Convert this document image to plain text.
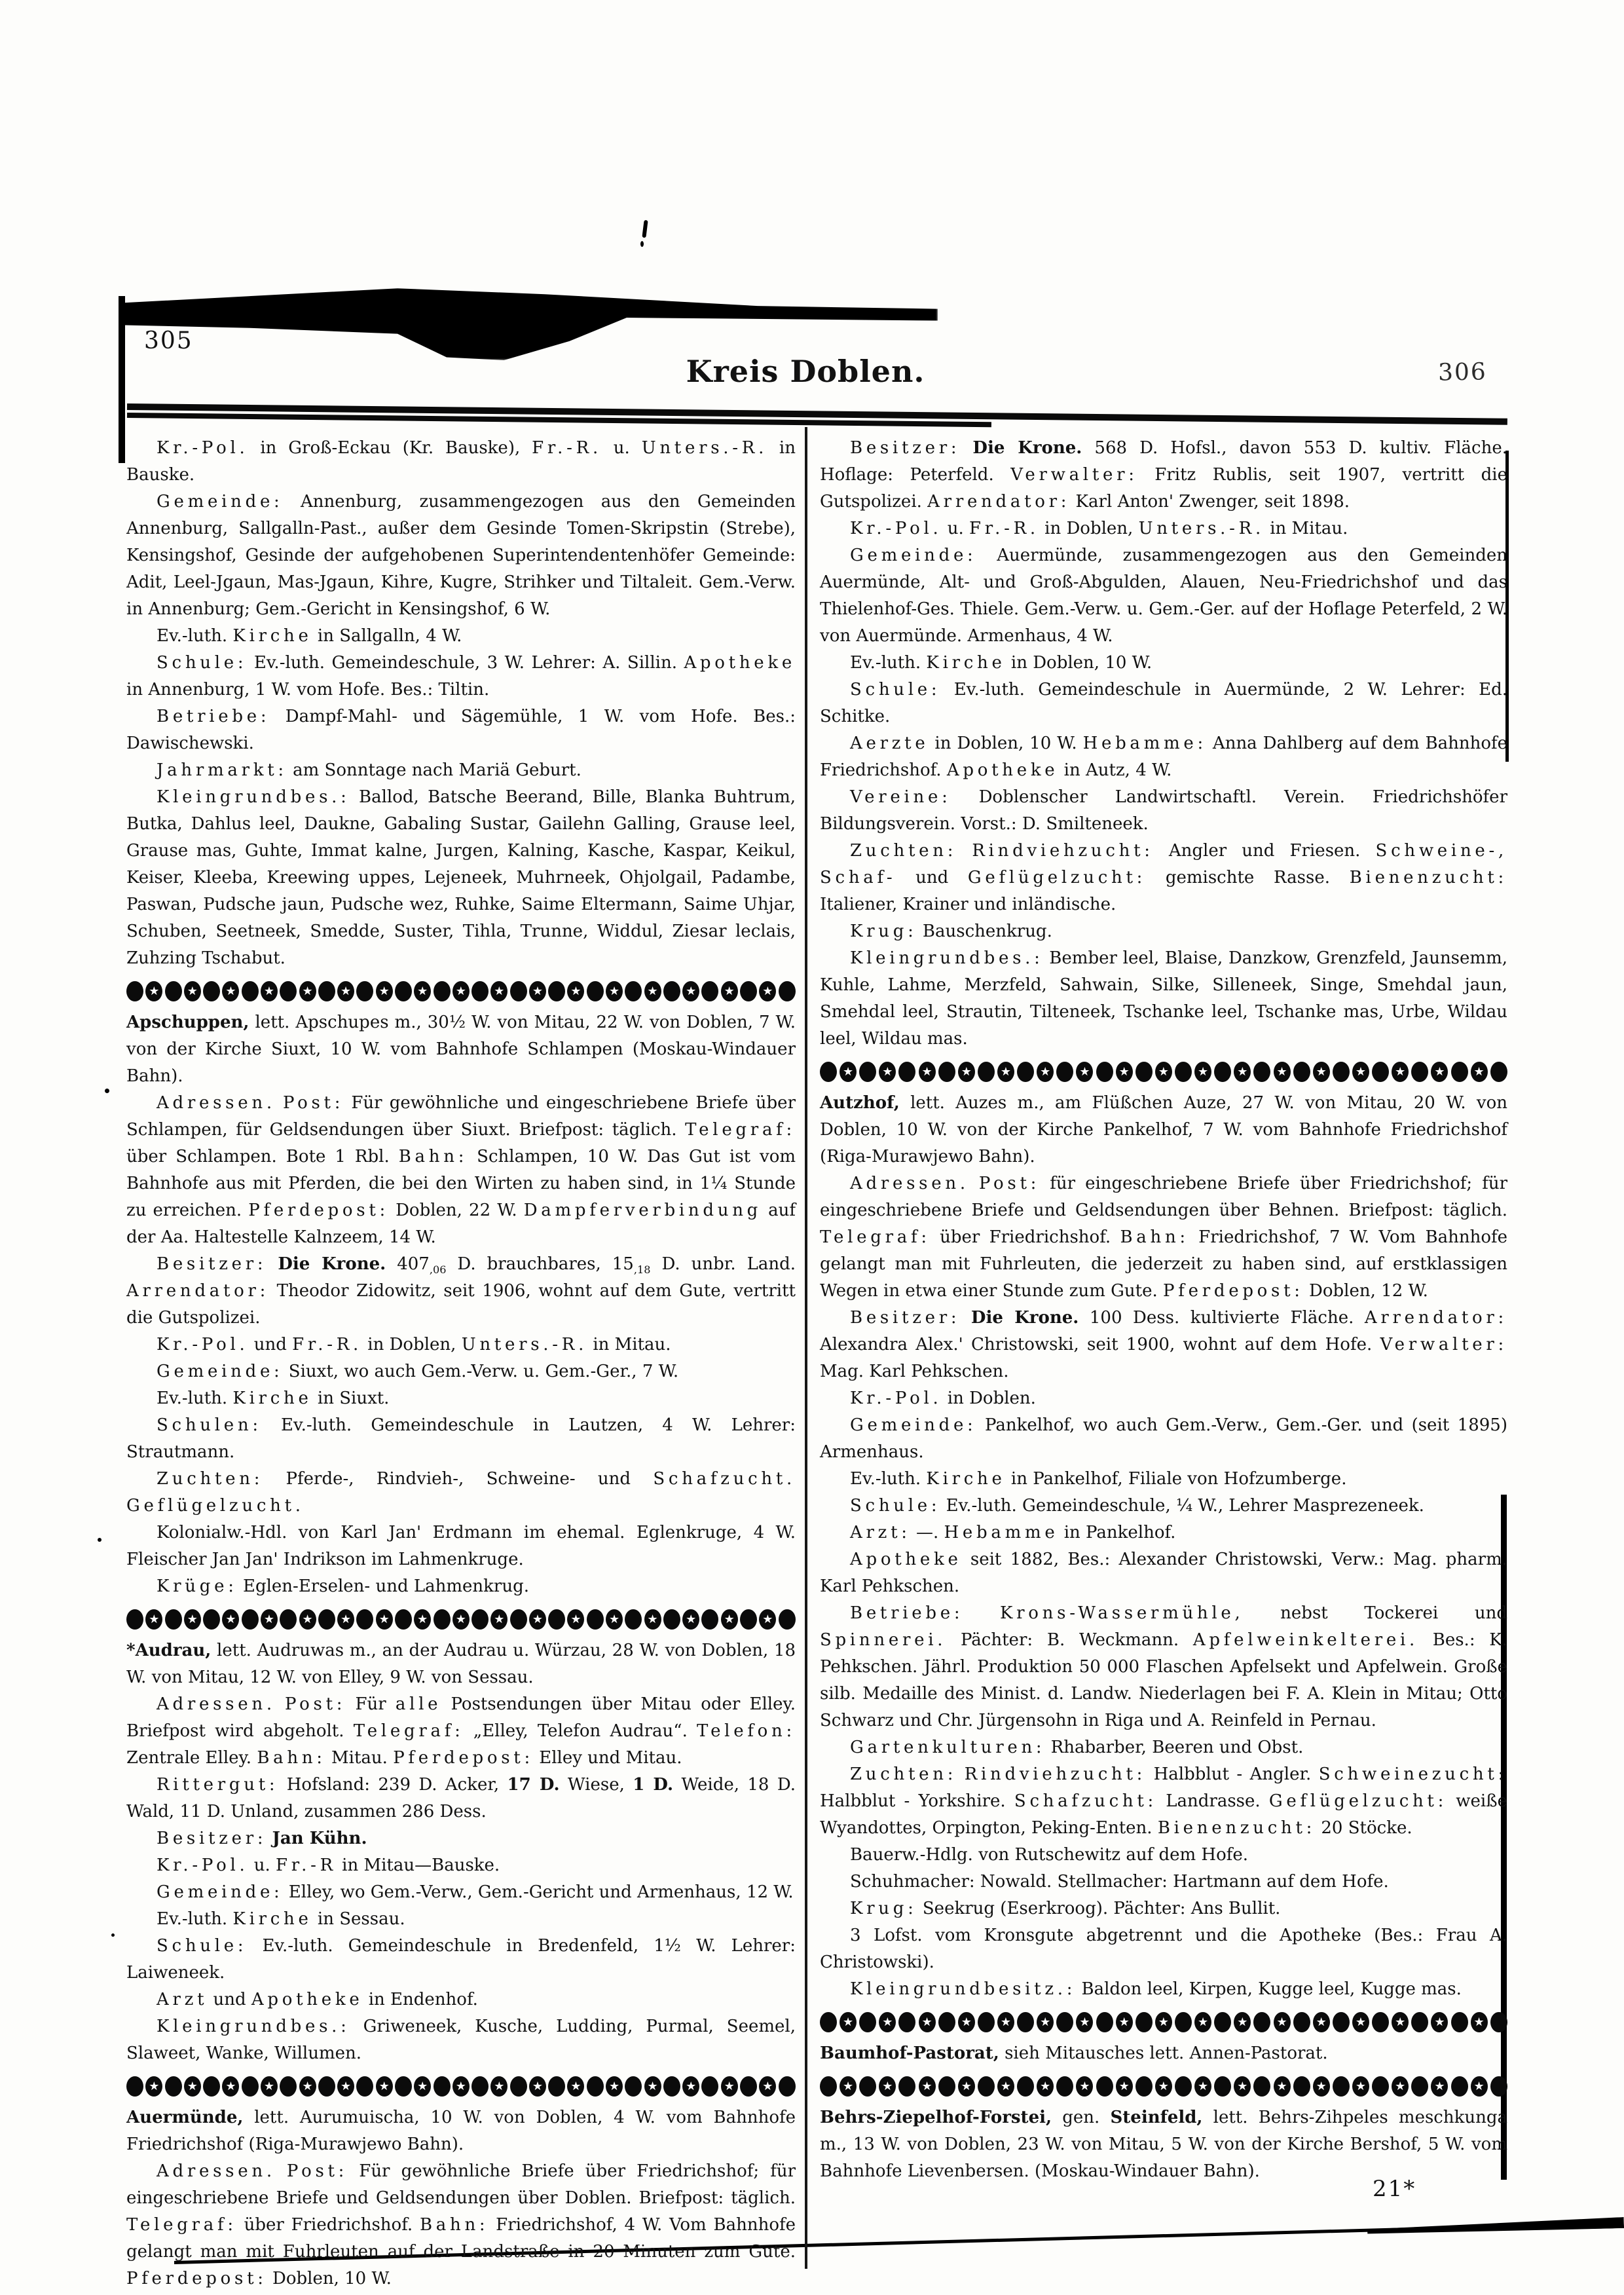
305
Kreis Doblen.	306

Kr.-Pol. in Groß-Eckau (Kr. Bauske), Fr.-R. u. Unters.-R. in Bauske.

Gemeinde: Annenburg, zusammengezogen aus den Gemeinden Annenburg, Sallgalln-Past., außer dem Gesinde Tomen-Skripstin (Strebe), Kensingshof, Gesinde der aufgehobenen Superintendentenhöfer Gemeinde: Adit, Leel-Jgaun, Mas-Jgaun, Kihre, Kugre, Strihker und Tiltaleit. Gem.-Verw. in Annenburg; Gem.-Gericht in Kensingshof, 6 W.

Ev.-luth. Kirche in Sallgalln, 4 W.

Schule: Ev.-luth. Gemeindeschule, 3 W. Lehrer: A. Sillin. Apotheke in Annenburg, 1 W. vom Hofe. Bes.: Tiltin.

Betriebe: Dampf-Mahl- und Sägemühle, 1 W. vom Hofe. Bes.: Dawischewski.

Jahrmarkt: am Sonntage nach Mariä Geburt.

Kleingrundbes.: Ballod, Batsche Beerand, Bille, Blanka Buhtrum, Butka, Dahlus leel, Daukne, Gabaling Sustar, Gailehn Galling, Grause leel, Grause mas, Guhte, Immat kalne, Jurgen, Kalning, Kasche, Kaspar, Keikul, Keiser, Kleeba, Kreewing uppes, Lejeneek, Muhrneek, Ohjolgail, Padambe, Paswan, Pudsche jaun, Pudsche wez, Ruhke, Saime Eltermann, Saime Uhjar, Schuben, Seetneek, Smedde, Suster, Tihla, Trunne, Widdul, Ziesar leclais, Zuhzing Tschabut.

★ ★ ★ ★ ★ ★ ★ ★ ★ ★ ★ ★ ★ ★ ★ ★ ★

Apschuppen, lett. Apschupes m., 30½ W. von Mitau, 22 W. von Doblen, 7 W. von der Kirche Siuxt, 10 W. vom Bahnhofe Schlampen (Moskau-Windauer Bahn).

Adressen. Post: Für gewöhnliche und eingeschriebene Briefe über Schlampen, für Geldsendungen über Siuxt. Briefpost: täglich. Telegraf: über Schlampen. Bote 1 Rbl. Bahn: Schlampen, 10 W. Das Gut ist vom Bahnhofe aus mit Pferden, die bei den Wirten zu haben sind, in 1¼ Stunde zu erreichen. Pferdepost: Doblen, 22 W. Dampferverbindung auf der Aa. Haltestelle Kalnzeem, 14 W.

Besitzer: Die Krone. $407_{,06}$ D. brauchbares, $15_{,18}$ D. unbr. Land. Arrendator: Theodor Zidowitz, seit 1906, wohnt auf dem Gute, vertritt die Gutspolizei.

Kr.-Pol. und Fr.-R. in Doblen, Unters.-R. in Mitau.

Gemeinde: Siuxt, wo auch Gem.-Verw. u. Gem.-Ger., 7 W.

Ev.-luth. Kirche in Siuxt.

Schulen: Ev.-luth. Gemeindeschule in Lautzen, 4 W. Lehrer: Strautmann.

Zuchten: Pferde-, Rindvieh-, Schweine- und Schafzucht. Geflügelzucht.

Kolonialw.-Hdl. von Karl Jan' Erdmann im ehemal. Eglenkruge, 4 W. Fleischer Jan Jan' Indrikson im Lahmenkruge.

Krüge: Eglen-Erselen- und Lahmenkrug.

★ ★ ★ ★ ★ ★ ★ ★ ★ ★ ★ ★ ★ ★ ★ ★ ★

*Audrau, lett. Audruwas m., an der Audrau u. Würzau, 28 W. von Doblen, 18 W. von Mitau, 12 W. von Elley, 9 W. von Sessau.

Adressen. Post: Für alle Postsendungen über Mitau oder Elley. Briefpost wird abgeholt. Telegraf: „Elley, Telefon Audrau“. Telefon: Zentrale Elley. Bahn: Mitau. Pferdepost: Elley und Mitau.

Rittergut: Hofsland: 239 D. Acker, 17 D. Wiese, 1 D. Weide, 18 D. Wald, 11 D. Unland, zusammen 286 Dess.

Besitzer: Jan Kühn.

Kr.-Pol. u. Fr.-R in Mitau—Bauske.

Gemeinde: Elley, wo Gem.-Verw., Gem.-Gericht und Armenhaus, 12 W.

Ev.-luth. Kirche in Sessau.

Schule: Ev.-luth. Gemeindeschule in Bredenfeld, 1½ W. Lehrer: Laiweneek.

Arzt und Apotheke in Endenhof.

Kleingrundbes.: Griweneek, Kusche, Ludding, Purmal, Seemel, Slaweet, Wanke, Willumen.

★ ★ ★ ★ ★ ★ ★ ★ ★ ★ ★ ★ ★ ★ ★ ★ ★

Auermünde, lett. Aurumuischa, 10 W. von Doblen, 4 W. vom Bahnhofe Friedrichshof (Riga-Murawjewo Bahn).

Adressen. Post: Für gewöhnliche Briefe über Friedrichshof; für eingeschriebene Briefe und Geldsendungen über Doblen. Briefpost: täglich. Telegraf: über Friedrichshof. Bahn: Friedrichshof, 4 W. Vom Bahnhofe gelangt man mit Fuhrleuten auf der Landstraße in 20 Minuten zum Gute. Pferdepost: Doblen, 10 W.

Besitzer: Die Krone. 568 D. Hofsl., davon 553 D. kultiv. Fläche. Hoflage: Peterfeld. Verwalter: Fritz Rublis, seit 1907, vertritt die Gutspolizei. Arrendator: Karl Anton' Zwenger, seit 1898.

Kr.-Pol. u. Fr.-R. in Doblen, Unters.-R. in Mitau.

Gemeinde: Auermünde, zusammengezogen aus den Gemeinden Auermünde, Alt- und Groß-Abgulden, Alauen, Neu-Friedrichshof und das Thielenhof-Ges. Thiele. Gem.-Verw. u. Gem.-Ger. auf der Hoflage Peterfeld, 2 W. von Auermünde. Armenhaus, 4 W.

Ev.-luth. Kirche in Doblen, 10 W.

Schule: Ev.-luth. Gemeindeschule in Auermünde, 2 W. Lehrer: Ed. Schitke.

Aerzte in Doblen, 10 W. Hebamme: Anna Dahlberg auf dem Bahnhofe Friedrichshof. Apotheke in Autz, 4 W.

Vereine: Doblenscher Landwirtschaftl. Verein. Friedrichshöfer Bildungsverein. Vorst.: D. Smilteneek.

Zuchten: Rindviehzucht: Angler und Friesen. Schweine-, Schaf- und Geflügelzucht: gemischte Rasse. Bienenzucht: Italiener, Krainer und inländische.

Krug: Bauschenkrug.

Kleingrundbes.: Bember leel, Blaise, Danzkow, Grenzfeld, Jaunsemm, Kuhle, Lahme, Merzfeld, Sahwain, Silke, Silleneek, Singe, Smehdal jaun, Smehdal leel, Strautin, Tilteneek, Tschanke leel, Tschanke mas, Urbe, Wildau leel, Wildau mas.

★ ★ ★ ★ ★ ★ ★ ★ ★ ★ ★ ★ ★ ★ ★ ★ ★

Autzhof, lett. Auzes m., am Flüßchen Auze, 27 W. von Mitau, 20 W. von Doblen, 10 W. von der Kirche Pankelhof, 7 W. vom Bahnhofe Friedrichshof (Riga-Murawjewo Bahn).

Adressen. Post: für eingeschriebene Briefe über Friedrichshof; für eingeschriebene Briefe und Geldsendungen über Behnen. Briefpost: täglich. Telegraf: über Friedrichshof. Bahn: Friedrichshof, 7 W. Vom Bahnhofe gelangt man mit Fuhrleuten, die jederzeit zu haben sind, auf erstklassigen Wegen in etwa einer Stunde zum Gute. Pferdepost: Doblen, 12 W.

Besitzer: Die Krone. 100 Dess. kultivierte Fläche. Arrendator: Alexandra Alex.' Christowski, seit 1900, wohnt auf dem Hofe. Verwalter: Mag. Karl Pehkschen.

Kr.-Pol. in Doblen.

Gemeinde: Pankelhof, wo auch Gem.-Verw., Gem.-Ger. und (seit 1895) Armenhaus.

Ev.-luth. Kirche in Pankelhof, Filiale von Hofzumberge.

Schule: Ev.-luth. Gemeindeschule, ¼ W., Lehrer Masprezeneek.

Arzt: —. Hebamme in Pankelhof.

Apotheke seit 1882, Bes.: Alexander Christowski, Verw.: Mag. pharm. Karl Pehkschen.

Betriebe: Krons-Wassermühle, nebst Tockerei und Spinnerei. Pächter: B. Weckmann. Apfelweinkelterei. Bes.: K. Pehkschen. Jährl. Produktion 50 000 Flaschen Apfelsekt und Apfelwein. Große silb. Medaille des Minist. d. Landw. Niederlagen bei F. A. Klein in Mitau; Otto Schwarz und Chr. Jürgensohn in Riga und A. Reinfeld in Pernau.

Gartenkulturen: Rhabarber, Beeren und Obst.

Zuchten: Rindviehzucht: Halbblut - Angler. Schweinezucht: Halbblut - Yorkshire. Schafzucht: Landrasse. Geflügelzucht: weiße Wyandottes, Orpington, Peking-Enten. Bienenzucht: 20 Stöcke.

Bauerw.-Hdlg. von Rutschewitz auf dem Hofe.

Schuhmacher: Nowald. Stellmacher: Hartmann auf dem Hofe.

Krug: Seekrug (Eserkroog). Pächter: Ans Bullit.

3 Lofst. vom Kronsgute abgetrennt und die Apotheke (Bes.: Frau A. Christowski).

Kleingrundbesitz.: Baldon leel, Kirpen, Kugge leel, Kugge mas.

★ ★ ★ ★ ★ ★ ★ ★ ★ ★ ★ ★ ★ ★ ★ ★ ★

Baumhof-Pastorat, sieh Mitausches lett. Annen-Pastorat.

★ ★ ★ ★ ★ ★ ★ ★ ★ ★ ★ ★ ★ ★ ★ ★ ★

Behrs-Ziepelhof-Forstei, gen. Steinfeld, lett. Behrs-Zihpeles meschkunga m., 13 W. von Doblen, 23 W. von Mitau, 5 W. von der Kirche Bershof, 5 W. vom Bahnhofe Lievenbersen. (Moskau-Windauer Bahn).

21*
